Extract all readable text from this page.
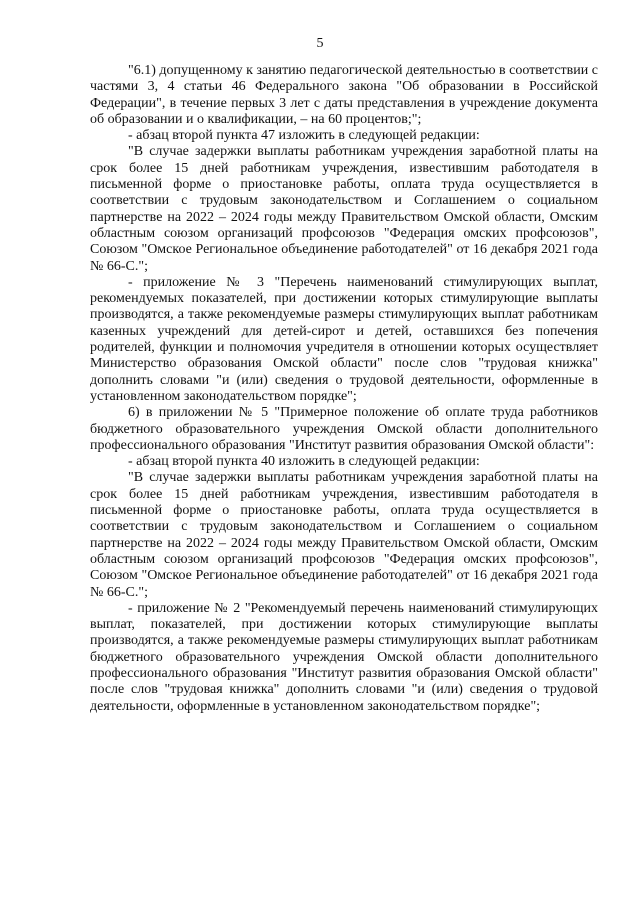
5

"6.1) допущенному к занятию педагогической деятельностью в соответствии с частями 3, 4 статьи 46 Федерального закона "Об образовании в Российской Федерации", в течение первых 3 лет с даты представления в учреждение документа об образовании и о квалификации, – на 60 процентов;";

- абзац второй пункта 47 изложить в следующей редакции:

"В случае задержки выплаты работникам учреждения заработной платы на срок более 15 дней работникам учреждения, известившим работодателя в письменной форме о приостановке работы, оплата труда осуществляется в соответствии с трудовым законодательством и Соглашением о социальном партнерстве на 2022 – 2024 годы между Правительством Омской области, Омским областным союзом организаций профсоюзов "Федерация омских профсоюзов", Союзом "Омское Региональное объединение работодателей" от 16 декабря 2021 года № 66-С.";

- приложение № 3 "Перечень наименований стимулирующих выплат, рекомендуемых показателей, при достижении которых стимулирующие выплаты производятся, а также рекомендуемые размеры стимулирующих выплат работникам казенных учреждений для детей-сирот и детей, оставшихся без попечения родителей, функции и полномочия учредителя в отношении которых осуществляет Министерство образования Омской области" после слов "трудовая книжка" дополнить словами "и (или) сведения о трудовой деятельности, оформленные в установленном законодательством порядке";

6) в приложении № 5 "Примерное положение об оплате труда работников бюджетного образовательного учреждения Омской области дополнительного профессионального образования "Институт развития образования Омской области":

- абзац второй пункта 40 изложить в следующей редакции:

"В случае задержки выплаты работникам учреждения заработной платы на срок более 15 дней работникам учреждения, известившим работодателя в письменной форме о приостановке работы, оплата труда осуществляется в соответствии с трудовым законодательством и Соглашением о социальном партнерстве на 2022 – 2024 годы между Правительством Омской области, Омским областным союзом организаций профсоюзов "Федерация омских профсоюзов", Союзом "Омское Региональное объединение работодателей" от 16 декабря 2021 года № 66-С.";

- приложение № 2 "Рекомендуемый перечень наименований стимулирующих выплат, показателей, при достижении которых стимулирующие выплаты производятся, а также рекомендуемые размеры стимулирующих выплат работникам бюджетного образовательного учреждения Омской области дополнительного профессионального образования "Институт развития образования Омской области" после слов "трудовая книжка" дополнить словами "и (или) сведения о трудовой деятельности, оформленные в установленном законодательством порядке";
